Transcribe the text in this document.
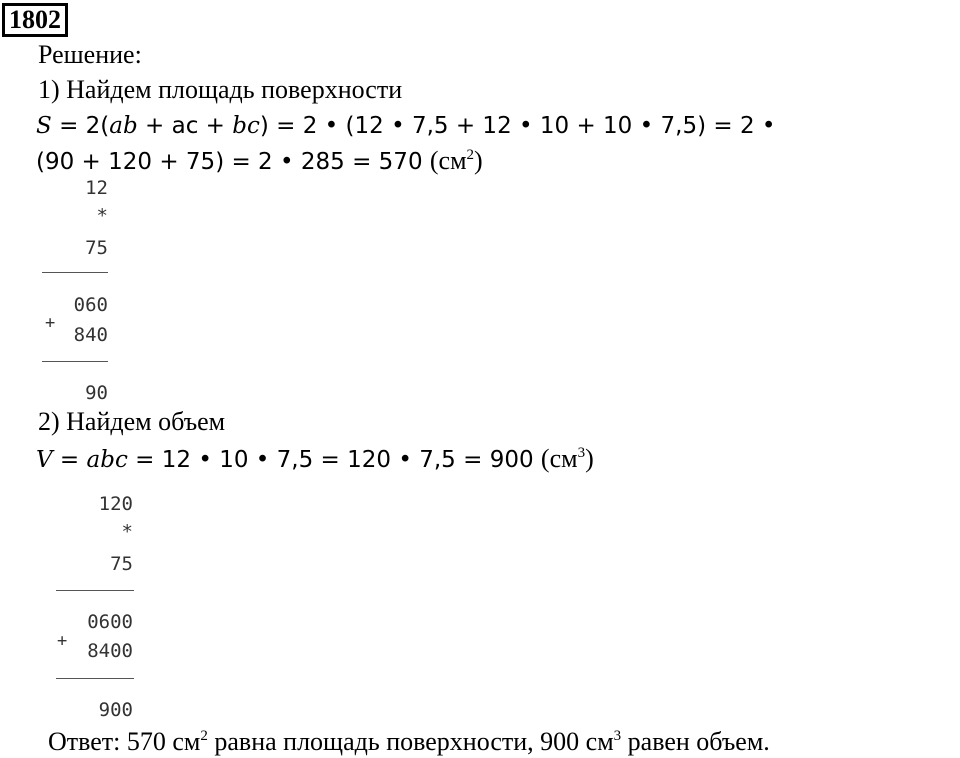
1802
Решение:
1) Найдем площадь поверхности
S = 2(ab + ac + bc) = 2 • (12 • 7,5 + 12 • 10 + 10 • 7,5) = 2 •
(90 + 120 + 75) = 2 • 285 = 570 $(см^2)$
12
*
75
060
+
840
90
2) Найдем объем
V = abc = 12 • 10 • 7,5 = 120 • 7,5 = 900 $(см^3)$
120
*
75
0600
+ 8400
900
Ответ: 570 $см^2$ равна площадь поверхности, 900 $см^3$ равен объем.
